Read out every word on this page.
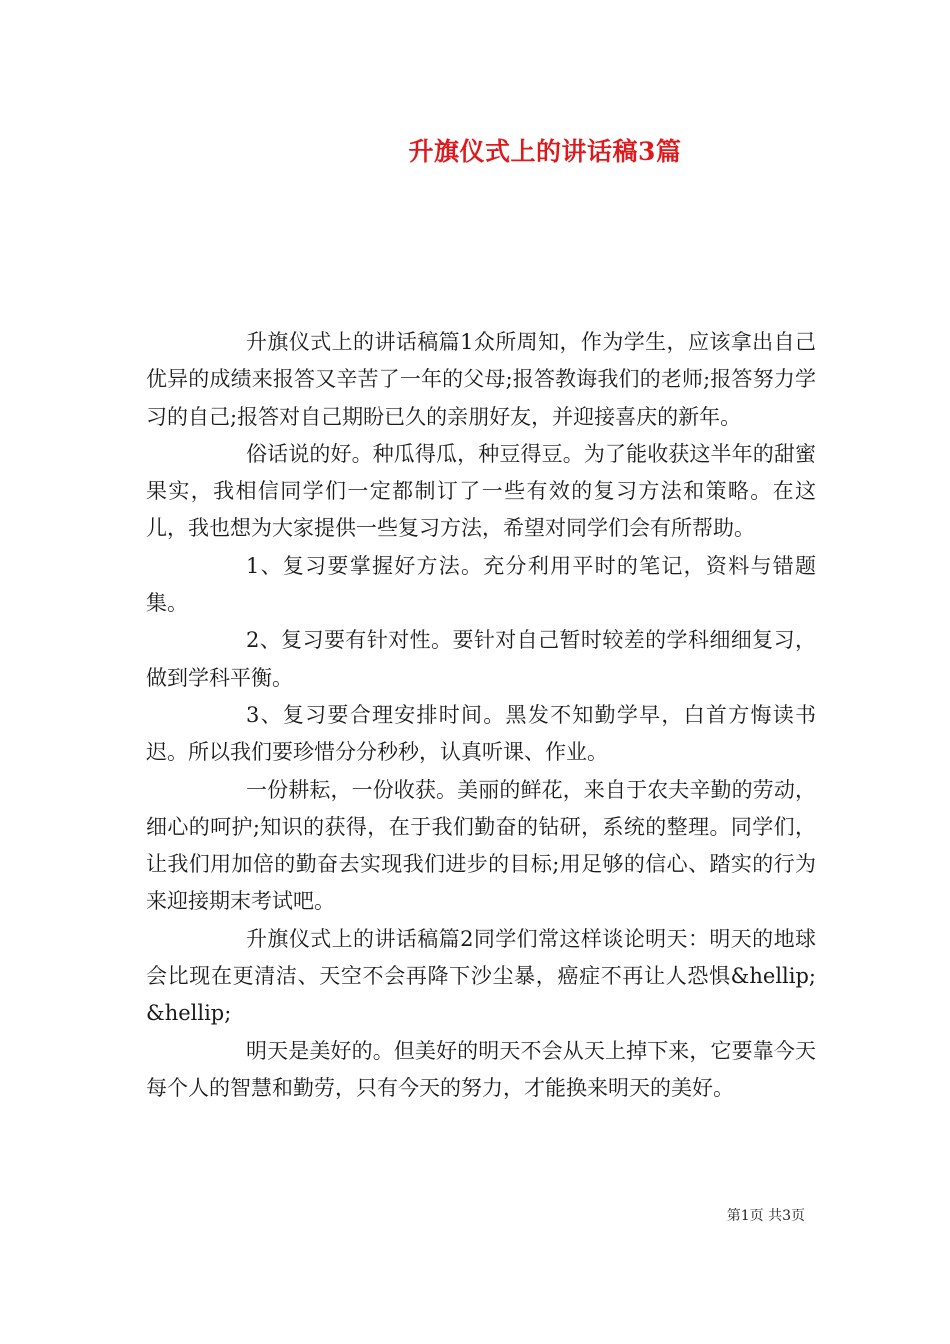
升旗仪式上的讲话稿3篇

升旗仪式上的讲话稿篇1众所周知，作为学生，应该拿出自己优异的成绩来报答又辛苦了一年的父母;报答教诲我们的老师;报答努力学习的自己;报答对自己期盼已久的亲朋好友，并迎接喜庆的新年。

俗话说的好。种瓜得瓜，种豆得豆。为了能收获这半年的甜蜜果实，我相信同学们一定都制订了一些有效的复习方法和策略。在这儿，我也想为大家提供一些复习方法，希望对同学们会有所帮助。

1、复习要掌握好方法。充分利用平时的笔记，资料与错题集。

2、复习要有针对性。要针对自己暂时较差的学科细细复习，做到学科平衡。

3、复习要合理安排时间。黑发不知勤学早，白首方悔读书迟。所以我们要珍惜分分秒秒，认真听课、作业。

一份耕耘，一份收获。美丽的鲜花，来自于农夫辛勤的劳动，细心的呵护;知识的获得，在于我们勤奋的钻研，系统的整理。同学们，让我们用加倍的勤奋去实现我们进步的目标;用足够的信心、踏实的行为来迎接期末考试吧。

升旗仪式上的讲话稿篇2同学们常这样谈论明天：明天的地球会比现在更清洁、天空不会再降下沙尘暴，癌症不再让人恐惧&hellip;&hellip;

明天是美好的。但美好的明天不会从天上掉下来，它要靠今天每个人的智慧和勤劳，只有今天的努力，才能换来明天的美好。

第1页 共3页
